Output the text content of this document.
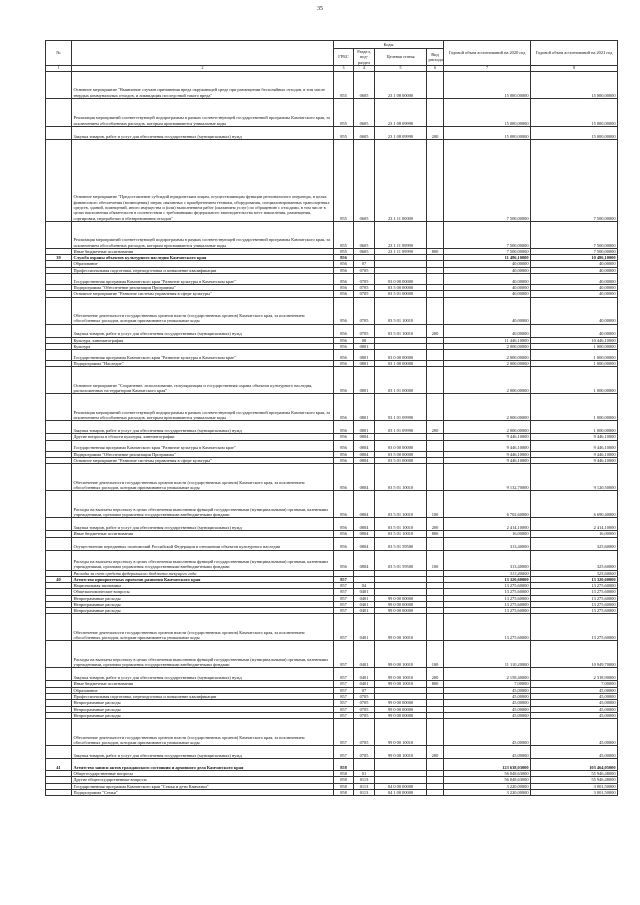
35
№		Коды				Годовой объем ассигнований на 2020 год	Годовой объем ассигнований на 2021 год
		ГРБС	Раздел, под-раздел	Целевая статья	Вид расхода		
1	2	3	4	5	6	7	8
	Основное мероприятие "Выявление случаев причинения вреда окружающей среде при размещении бесхозяйных отходов, в том числе твердых коммунальных отходов, и ликвидация последствий такого вреда"	855	0605	23 1 08 00000		15 000,00000	15 000,00000
	Реализация мероприятий соответствующей подпрограммы в рамках соответствующей государственной программы Камчатского края, за исключением обособленных расходов, которым присваиваются уникальные коды	855	0605	23 1 08 09990		15 000,00000	15 000,00000
	Закупка товаров, работ и услуг для обеспечения государственных (муниципальных) нужд	855	0605	23 1 08 09990	200	15 000,00000	15 000,00000
	Основное мероприятие "Предоставление субсидий юридическим лицам, осуществляющим функции регионального оператора, в целях финансового обеспечения (возмещения) затрат, связанных с приобретением техники, оборудования, специализированных транспортных средств, зданий, помещений, иного имущества и (или) выполнением работ (оказанием услуг) по обращению с отходами, в том числе в целях выполнения обязательств в соответствии с требованиями федерального законодательства мест накопления, размещения, сортировки, переработки и обезвреживания отходов"	855	0605	23 1 11 00000		7 500,00000	7 500,00000
	Реализация мероприятий соответствующей подпрограммы в рамках соответствующей государственной программы Камчатского края, за исключением обособленных расходов, которым присваиваются уникальные коды	855	0605	23 1 11 09990		7 500,00000	7 500,00000
	Иные бюджетные ассигнования	855	0605	23 1 11 09990	800	7 500,00000	7 500,00000
39	Служба охраны объектов культурного наследия Камчатского края	856				11 486,10000	10 486,10000
	Образование	856	07			40,00000	40,00000
	Профессиональная подготовка, переподготовка и повышение квалификации	856	0705			40,00000	40,00000
	Государственная программа Камчатского края "Развитие культуры в Камчатском крае"	856	0705	03 0 00 00000		40,00000	40,00000
	Подпрограмма "Обеспечение реализации Программы"	856	0705	03 5 00 00000		40,00000	40,00000
	Основное мероприятие "Развитие системы управления в сфере культуры"	856	0705	03 5 01 00000		40,00000	40,00000
	Обеспечение деятельности государственных органов власти (государственных органов) Камчатского края, за исключением обособленных расходов, которым присваиваются уникальные коды	856	0705	03 5 01 10010		40,00000	40,00000
	Закупка товаров, работ и услуг для обеспечения государственных (муниципальных) нужд	856	0705	03 5 01 10010	200	40,00000	40,00000
	Культура, кинематография	856	08			11 446,10000	10 446,10000
	Культура	856	0801			2 000,00000	1 000,00000
	Государственная программа Камчатского края "Развитие культуры в Камчатском крае"	856	0801	03 0 00 00000		2 000,00000	1 000,00000
	Подпрограмма "Наследие"	856	0801	03 1 00 00000		2 000,00000	1 000,00000
	Основное мероприятие "Сохранение, использование, популяризация и государственная охрана объектов культурного наследия, расположенных на территории Камчатского края"	856	0801	03 1 01 00000		2 000,00000	1 000,00000
	Реализация мероприятий соответствующей подпрограммы в рамках соответствующей государственной программы Камчатского края, за исключением обособленных расходов, которым присваиваются уникальные коды	856	0801	03 1 01 09990		2 000,00000	1 000,00000
	Закупка товаров, работ и услуг для обеспечения государственных (муниципальных) нужд	856	0801	03 1 01 09990	200	2 000,00000	1 000,00000
	Другие вопросы в области культуры, кинематографии	856	0804			9 446,10000	9 446,10000
	Государственная программа Камчатского края "Развитие культуры в Камчатском крае"	856	0804	03 0 00 00000		9 446,10000	9 446,10000
	Подпрограмма "Обеспечение реализации Программы"	856	0804	03 5 00 00000		9 446,10000	9 446,10000
	Основное мероприятие "Развитие системы управления в сфере культуры"	856	0804	03 5 01 00000		9 446,10000	9 446,10000
	Обеспечение деятельности государственных органов власти (государственных органов) Камчатского края, за исключением обособленных расходов, которым присваиваются уникальные коды	856	0804	03 5 01 10010		9 132,70000	9 120,50000
	Расходы на выплаты персоналу в целях обеспечения выполнения функций государственными (муниципальными) органами, казенными учреждениями, органами управления государственными внебюджетными фондами	856	0804	03 5 01 10010	100	6 702,60000	6 690,40000
	Закупка товаров, работ и услуг для обеспечения государственных (муниципальных) нужд	856	0804	03 5 01 10010	200	2 414,10000	2 414,10000
	Иные бюджетные ассигнования	856	0804	03 5 01 10010	800	16,00000	16,00000
	Осуществление переданных полномочий Российской Федерации в отношении объектов культурного наследия	856	0804	03 5 01 59500		313,40000	325,60000
	Расходы на выплаты персоналу в целях обеспечения выполнения функций государственными (муниципальными) органами, казенными учреждениями, органами управления государственными внебюджетными фондами	856	0804	03 5 01 59500	100	313,40000	325,60000
	Расходы за счет средств федерального бюджета текущего года					313,40000	325,60000
40	Агентство приоритетных проектов развития Камчатского края	857				13 320,60000	13 320,60000
	Национальная экономика	857	04			13 275,60000	13 275,60000
	Общеэкономические вопросы	857	0401			13 275,60000	13 275,60000
	Непрограммные расходы	857	0401	99 0 00 00000		13 275,60000	13 275,60000
	Непрограммные расходы	857	0401	99 0 00 00000		13 275,60000	13 275,60000
	Непрограммные расходы	857	0401	99 0 00 00000		13 275,60000	13 275,60000
	Обеспечение деятельности государственных органов власти (государственных органов) Камчатского края, за исключением обособленных расходов, которым присваиваются уникальные коды	857	0401	99 0 00 10010		13 275,60000	13 275,60000
	Расходы на выплаты персоналу в целях обеспечения выполнения функций государственными (муниципальными) органами, казенными учреждениями, органами управления государственными внебюджетными фондами	857	0401	99 0 00 10010	100	11 110,20000	10 949,70000
	Закупка товаров, работ и услуг для обеспечения государственных (муниципальных) нужд	857	0401	99 0 00 10010	200	2 158,40000	2 318,90000
	Иные бюджетные ассигнования	857	0401	99 0 00 10010	800	7,00000	7,00000
	Образование	857	07			45,00000	45,00000
	Профессиональная подготовка, переподготовка и повышение квалификации	857	0705			45,00000	45,00000
	Непрограммные расходы	857	0705	99 0 00 00000		45,00000	45,00000
	Непрограммные расходы	857	0705	99 0 00 00000		45,00000	45,00000
	Непрограммные расходы	857	0705	99 0 00 00000		45,00000	45,00000
	Обеспечение деятельности государственных органов власти (государственных органов) Камчатского края, за исключением обособленных расходов, которым присваиваются уникальные коды	857	0705	99 0 00 10010		45,00000	45,00000
	Закупка товаров, работ и услуг для обеспечения государственных (муниципальных) нужд	857	0705	99 0 00 10010	200	45,00000	45,00000
41	Агентство записи актов гражданского состояния и архивного дела Камчатского края	858				123 638,03000	103 464,05000
	Общегосударственные вопросы	858	01			56 048,63000	55 946,48000
	Другие общегосударственные вопросы	858	0113			56 048,63000	55 946,48000
	Государственная программа Камчатского края "Семья и дети Камчатки"	858	0113	04 0 00 00000		3 220,00000	3 001,50000
	Подпрограмма "Семья"	858	0113	04 1 00 00000		3 220,00000	3 001,50000
